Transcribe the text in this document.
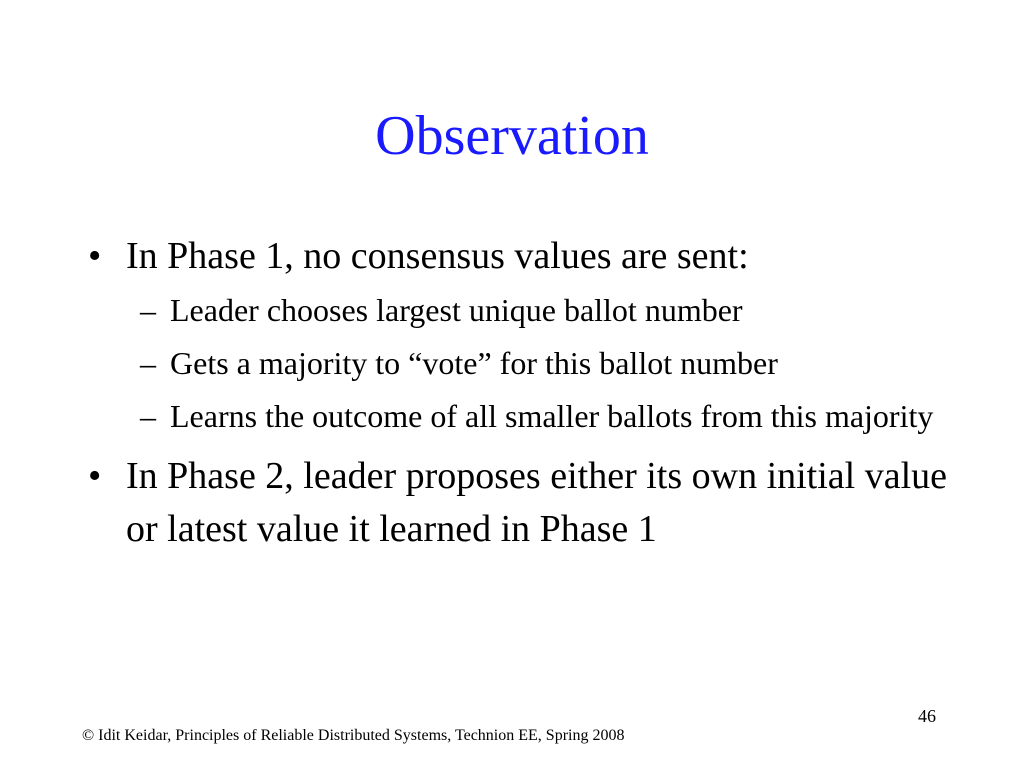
Observation
• In Phase 1, no consensus values are sent:
– Leader chooses largest unique ballot number
– Gets a majority to “vote” for this ballot number
– Learns the outcome of all smaller ballots from this majority
• In Phase 2, leader proposes either its own initial value or latest value it learned in Phase 1
46
© Idit Keidar, Principles of Reliable Distributed Systems, Technion EE, Spring 2008
